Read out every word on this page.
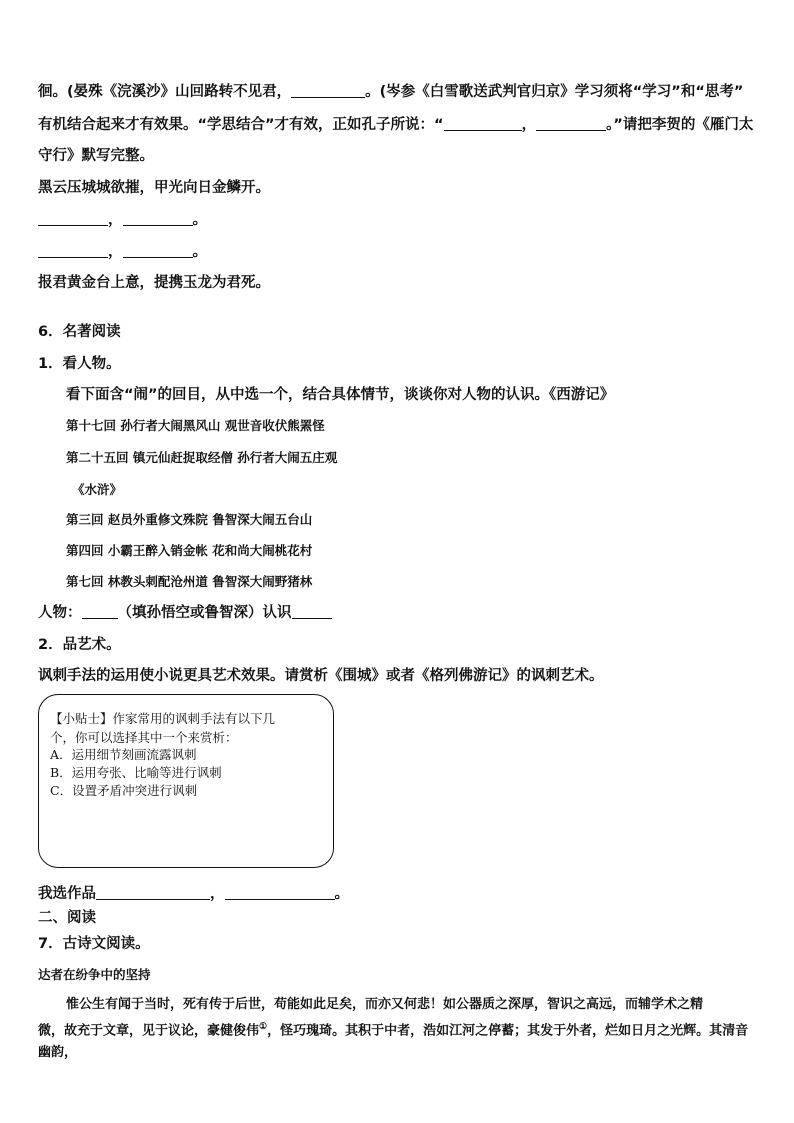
徊。(晏殊《浣溪沙》山回路转不见君，	。(岑参《白雪歌送武判官归京》学习须将“学习”和“思考”
有机结合起来才有效果。“学思结合”才有效，正如孔子所说：“	，	。”请把李贺的《雁门太
守行》默写完整。
黑云压城城欲摧，甲光向日金鳞开。
，	。
，	。
报君黄金台上意，提携玉龙为君死。
6．名著阅读
1．看人物。
看下面含“闹”的回目，从中选一个，结合具体情节，谈谈你对人物的认识。《西游记》
第十七回 孙行者大闹黑风山 观世音收伏熊罴怪
第二十五回 镇元仙赶捉取经僧 孙行者大闹五庄观
《水浒》
第三回 赵员外重修文殊院 鲁智深大闹五台山
第四回 小霸王醉入销金帐 花和尚大闹桃花村
第七回 林教头刺配沧州道 鲁智深大闹野猪林
人物： （填孙悟空或鲁智深）认识
2．品艺术。
讽刺手法的运用使小说更具艺术效果。请赏析《围城》或者《格列佛游记》的讽刺艺术。
【小贴士】作家常用的讽刺手法有以下几
个，你可以选择其中一个来赏析：
A．运用细节刻画流露讽刺
B．运用夸张、比喻等进行讽刺
C．设置矛盾冲突进行讽刺
我选作品	，	。
二、阅读
7．古诗文阅读。
达者在纷争中的坚持
惟公生有闻于当时，死有传于后世，苟能如此足矣，而亦又何悲！如公器质之深厚，智识之高远，而辅学术之精
微，故充于文章，见于议论，豪健俊伟①，怪巧瑰琦。其积于中者，浩如江河之停蓄；其发于外者，烂如日月之光辉。其清音幽韵，
